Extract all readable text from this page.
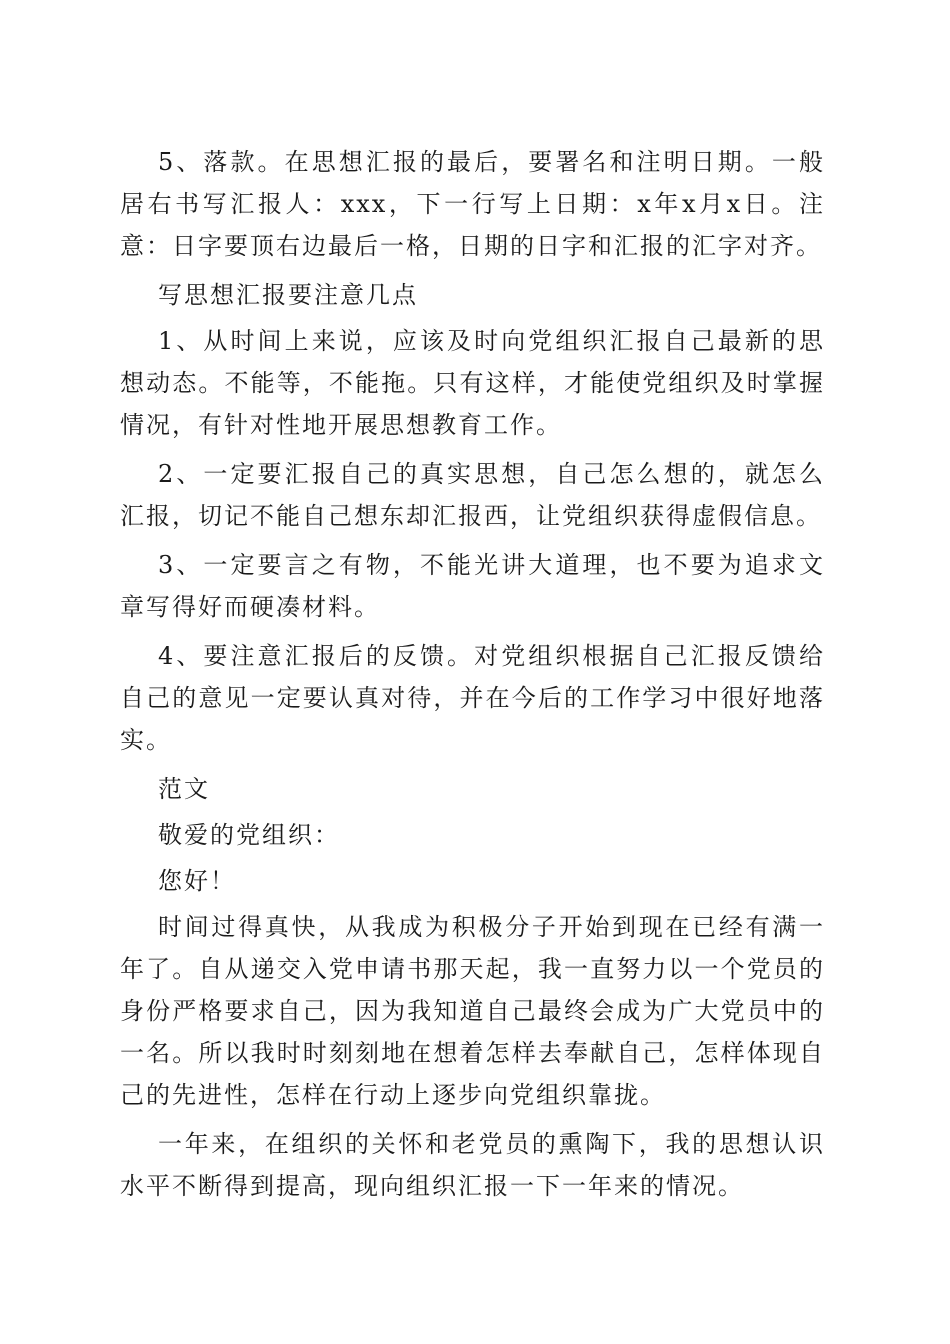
5、落款。在思想汇报的最后，要署名和注明日期。一般居右书写汇报人：xxx，下一行写上日期：x年x月x日。注意：日字要顶右边最后一格，日期的日字和汇报的汇字对齐。

写思想汇报要注意几点

1、从时间上来说，应该及时向党组织汇报自己最新的思想动态。不能等，不能拖。只有这样，才能使党组织及时掌握情况，有针对性地开展思想教育工作。

2、一定要汇报自己的真实思想，自己怎么想的，就怎么汇报，切记不能自己想东却汇报西，让党组织获得虚假信息。

3、一定要言之有物，不能光讲大道理，也不要为追求文章写得好而硬凑材料。

4、要注意汇报后的反馈。对党组织根据自己汇报反馈给自己的意见一定要认真对待，并在今后的工作学习中很好地落实。

范文

敬爱的党组织：

您好！

时间过得真快，从我成为积极分子开始到现在已经有满一年了。自从递交入党申请书那天起，我一直努力以一个党员的身份严格要求自己，因为我知道自己最终会成为广大党员中的一名。所以我时时刻刻地在想着怎样去奉献自己，怎样体现自己的先进性，怎样在行动上逐步向党组织靠拢。

一年来，在组织的关怀和老党员的熏陶下，我的思想认识水平不断得到提高，现向组织汇报一下一年来的情况。
